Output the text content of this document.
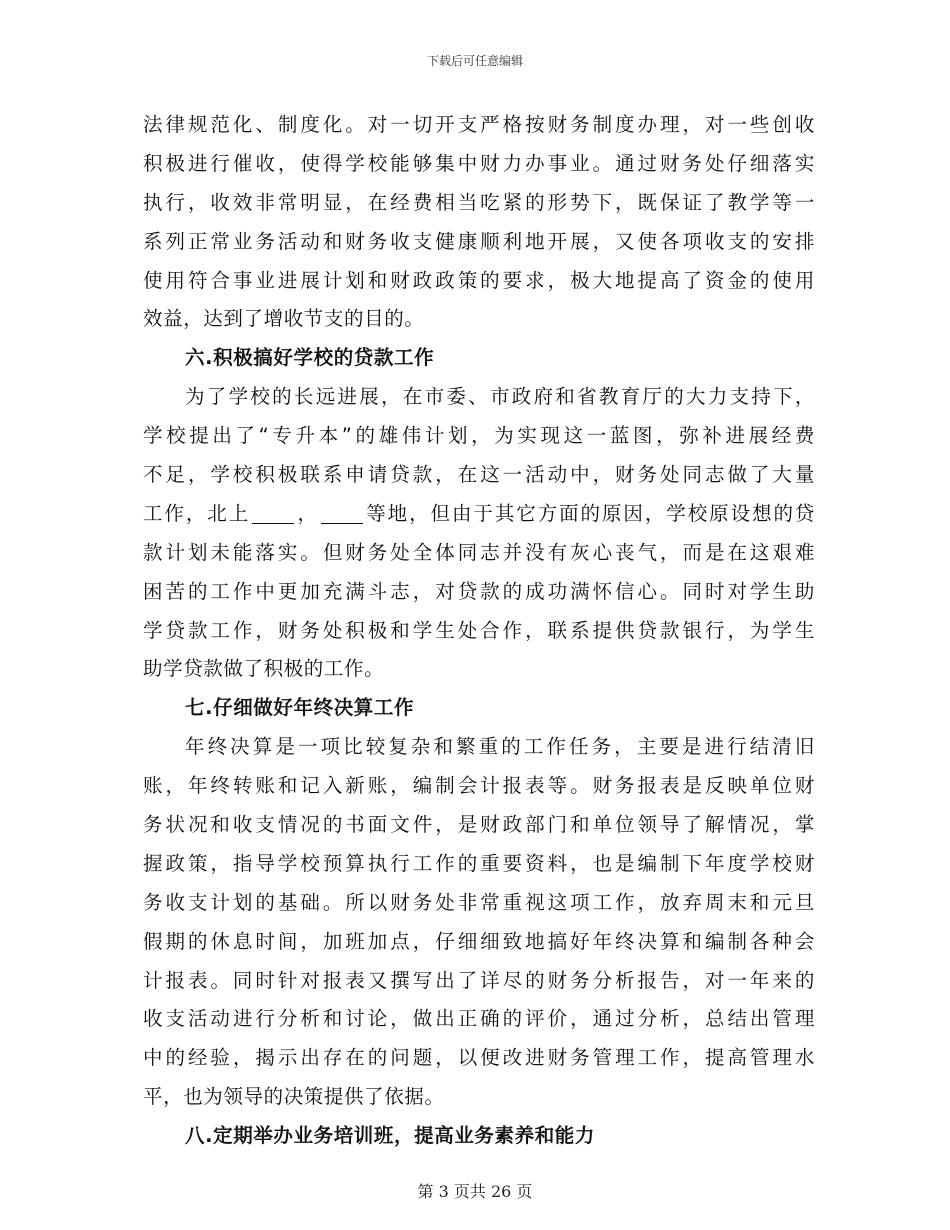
下载后可任意编辑
法律规范化、制度化。对一切开支严格按财务制度办理，对一些创收
积极进行催收，使得学校能够集中财力办事业。通过财务处仔细落实
执行，收效非常明显，在经费相当吃紧的形势下，既保证了教学等一
系列正常业务活动和财务收支健康顺利地开展，又使各项收支的安排
使用符合事业进展计划和财政政策的要求，极大地提高了资金的使用
效益，达到了增收节支的目的。
六.积极搞好学校的贷款工作
为了学校的长远进展，在市委、市政府和省教育厅的大力支持下，
学校提出了“专升本”的雄伟计划，为实现这一蓝图，弥补进展经费
不足，学校积极联系申请贷款，在这一活动中，财务处同志做了大量
工作，北上 ， 等地，但由于其它方面的原因，学校原设想的贷
款计划未能落实。但财务处全体同志并没有灰心丧气，而是在这艰难
困苦的工作中更加充满斗志，对贷款的成功满怀信心。同时对学生助
学贷款工作，财务处积极和学生处合作，联系提供贷款银行，为学生
助学贷款做了积极的工作。
七.仔细做好年终决算工作
年终决算是一项比较复杂和繁重的工作任务，主要是进行结清旧
账，年终转账和记入新账，编制会计报表等。财务报表是反映单位财
务状况和收支情况的书面文件，是财政部门和单位领导了解情况，掌
握政策，指导学校预算执行工作的重要资料，也是编制下年度学校财
务收支计划的基础。所以财务处非常重视这项工作，放弃周末和元旦
假期的休息时间，加班加点，仔细细致地搞好年终决算和编制各种会
计报表。同时针对报表又撰写出了详尽的财务分析报告，对一年来的
收支活动进行分析和讨论，做出正确的评价，通过分析，总结出管理
中的经验，揭示出存在的问题，以便改进财务管理工作，提高管理水
平，也为领导的决策提供了依据。
八.定期举办业务培训班，提高业务素养和能力
第 3 页共 26 页
